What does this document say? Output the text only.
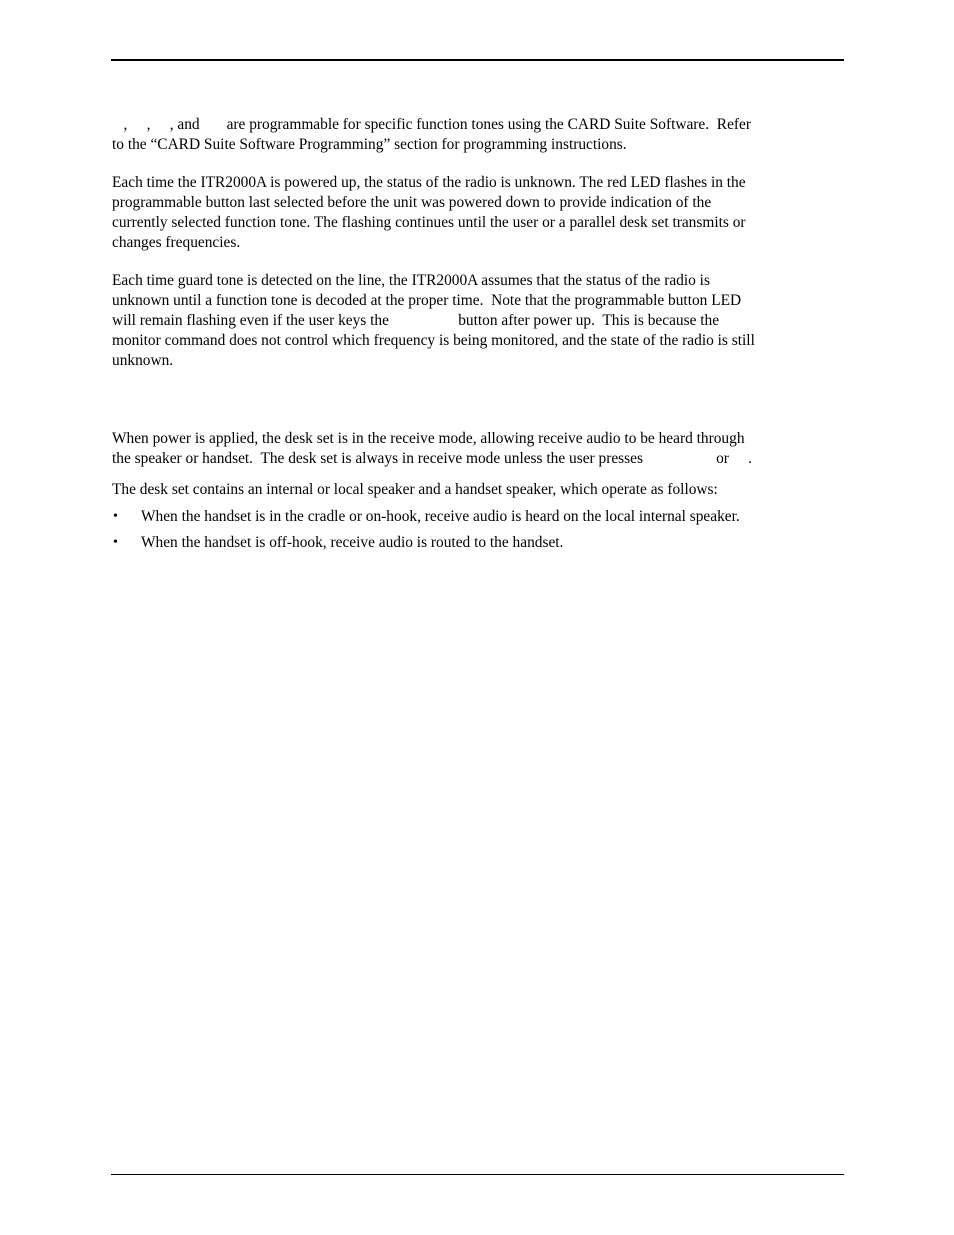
,     ,     , and       are programmable for specific function tones using the CARD Suite Software.  Refer
to the “CARD Suite Software Programming” section for programming instructions.

Each time the ITR2000A is powered up, the status of the radio is unknown. The red LED flashes in the
programmable button last selected before the unit was powered down to provide indication of the
currently selected function tone. The flashing continues until the user or a parallel desk set transmits or
changes frequencies.

Each time guard tone is detected on the line, the ITR2000A assumes that the status of the radio is
unknown until a function tone is decoded at the proper time.  Note that the programmable button LED
will remain flashing even if the user keys the                  button after power up.  This is because the
monitor command does not control which frequency is being monitored, and the state of the radio is still
unknown.

When power is applied, the desk set is in the receive mode, allowing receive audio to be heard through
the speaker or handset.  The desk set is always in receive mode unless the user presses                   or     .

The desk set contains an internal or local speaker and a handset speaker, which operate as follows:

• When the handset is in the cradle or on-hook, receive audio is heard on the local internal speaker.
• When the handset is off-hook, receive audio is routed to the handset.
